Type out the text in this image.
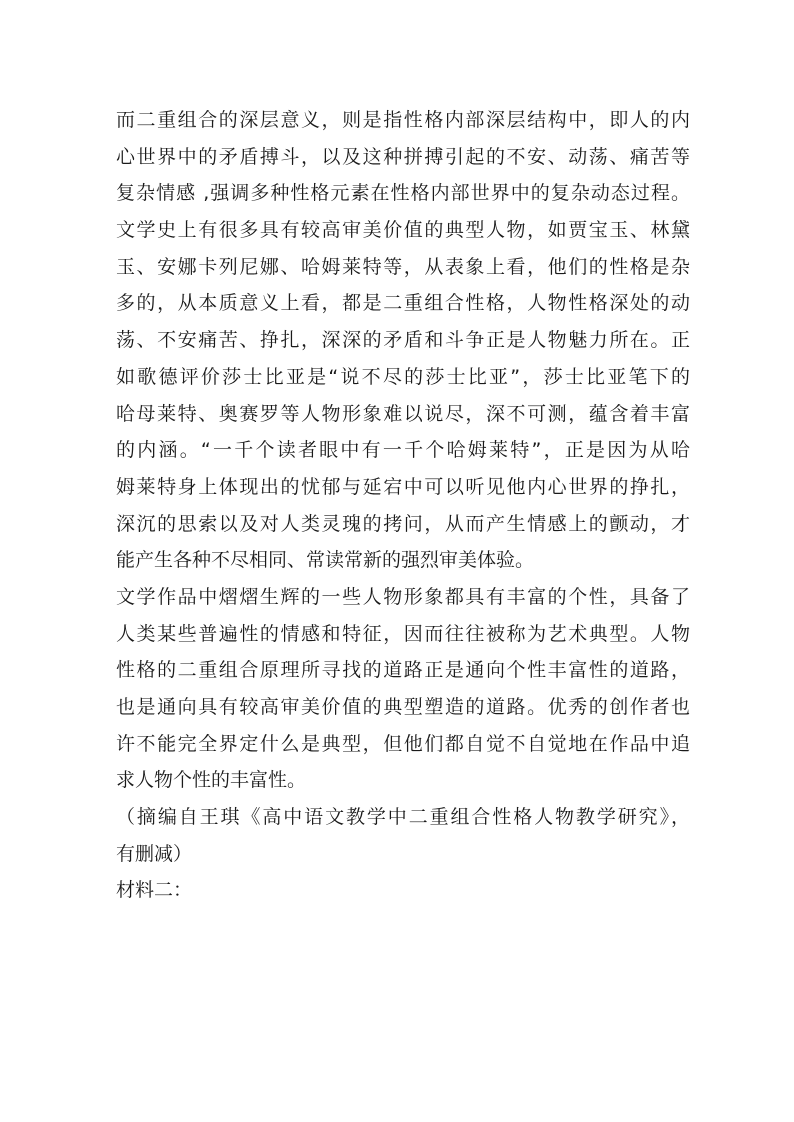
而二重组合的深层意义，则是指性格内部深层结构中，即人的内
心世界中的矛盾搏斗，以及这种拼搏引起的不安、动荡、痛苦等
复杂情感 ,强调多种性格元素在性格内部世界中的复杂动态过程。
文学史上有很多具有较高审美价值的典型人物，如贾宝玉、林黛
玉、安娜卡列尼娜、哈姆莱特等，从表象上看，他们的性格是杂
多的，从本质意义上看，都是二重组合性格，人物性格深处的动
荡、不安痛苦、挣扎，深深的矛盾和斗争正是人物魅力所在。正
如歌德评价莎士比亚是“说不尽的莎士比亚”，莎士比亚笔下的
哈母莱特、奥赛罗等人物形象难以说尽，深不可测，蕴含着丰富
的内涵。“一千个读者眼中有一千个哈姆莱特”，正是因为从哈
姆莱特身上体现出的忧郁与延宕中可以听见他内心世界的挣扎，
深沉的思索以及对人类灵瑰的拷问，从而产生情感上的颤动，才
能产生各种不尽相同、常读常新的强烈审美体验。
文学作品中熠熠生辉的一些人物形象都具有丰富的个性，具备了
人类某些普遍性的情感和特征，因而往往被称为艺术典型。人物
性格的二重组合原理所寻找的道路正是通向个性丰富性的道路，
也是通向具有较高审美价值的典型塑造的道路。优秀的创作者也
许不能完全界定什么是典型，但他们都自觉不自觉地在作品中追
求人物个性的丰富性。
（摘编自王琪《高中语文教学中二重组合性格人物教学研究》，
有删减）
材料二：
